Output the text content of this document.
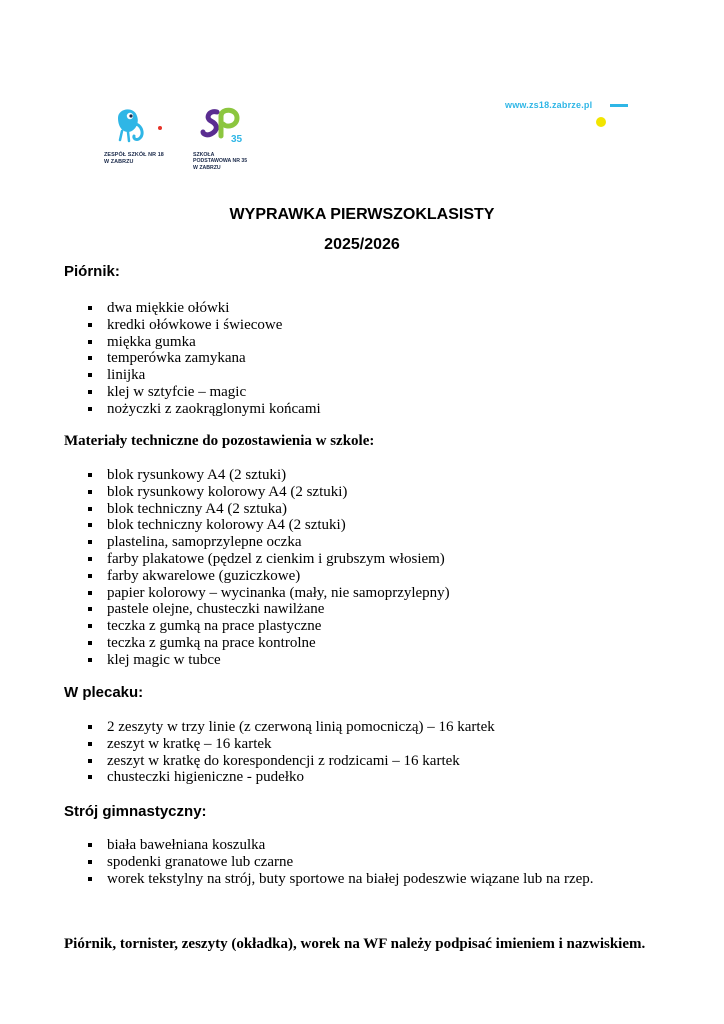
ZESPÓŁ SZKÓŁ NR 18
W ZABRZU
35
SZKOŁA
PODSTAWOWA NR 35
W ZABRZU
www.zs18.zabrze.pl
WYPRAWKA PIERWSZOKLASISTY
2025/2026
Piórnik:
dwa miękkie ołówki
kredki ołówkowe i świecowe
miękka gumka
temperówka zamykana
linijka
klej w sztyfcie – magic
nożyczki z zaokrąglonymi końcami
Materiały techniczne do pozostawienia w szkole:
blok rysunkowy A4 (2 sztuki)
blok rysunkowy kolorowy A4 (2 sztuki)
blok techniczny A4 (2 sztuka)
blok techniczny kolorowy A4 (2 sztuki)
plastelina, samoprzylepne oczka
farby plakatowe (pędzel z cienkim i grubszym włosiem)
farby akwarelowe (guziczkowe)
papier kolorowy – wycinanka (mały, nie samoprzylepny)
pastele olejne, chusteczki nawilżane
teczka z gumką na prace plastyczne
teczka z gumką na prace kontrolne
klej magic w tubce
W plecaku:
2 zeszyty w trzy linie (z czerwoną linią pomocniczą) – 16 kartek
zeszyt w kratkę – 16 kartek
zeszyt w kratkę do korespondencji z rodzicami – 16 kartek
chusteczki higieniczne - pudełko
Strój gimnastyczny:
biała bawełniana koszulka
spodenki granatowe lub czarne
worek tekstylny na strój, buty sportowe na białej podeszwie wiązane lub na rzep.
Piórnik, tornister, zeszyty (okładka), worek na WF należy podpisać imieniem i nazwiskiem.
